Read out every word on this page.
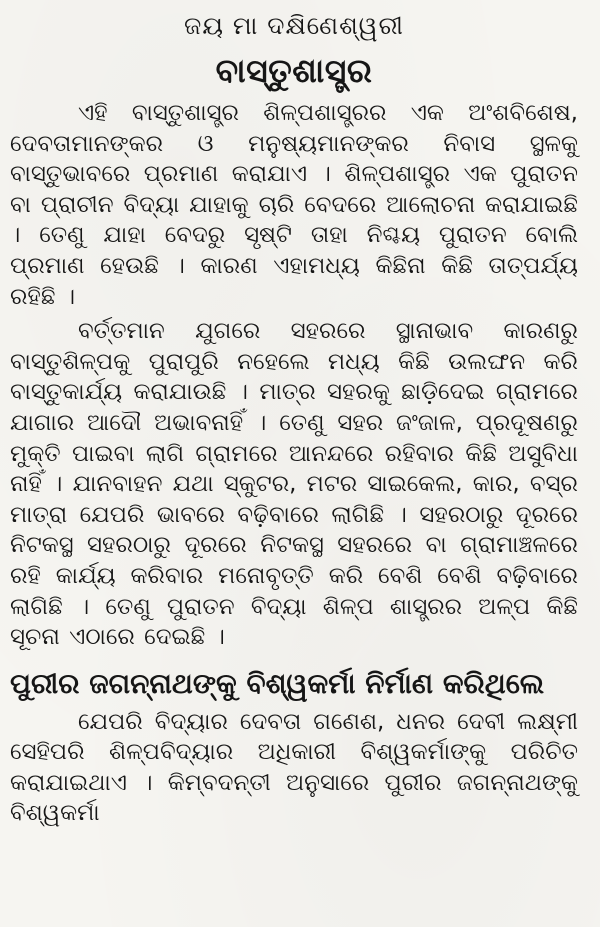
ଜୟ ମା ଦକ୍ଷିଣେଶ୍ୱରୀ
ବାସ୍ତୁଶାସ୍ତ୍ର

ଏହି ବାସ୍ତୁଶାସ୍ତ୍ର ଶିଳ୍ପଶାସ୍ତ୍ରର ଏକ ଅଂଶବିଶେଷ, ଦେବତାମାନଙ୍କର ଓ ମନୁଷ୍ୟମାନଙ୍କର ନିବାସ ସ୍ଥଳକୁ ବାସ୍ତୁଭାବରେ ପ୍ରମାଣ କରାଯାଏ । ଶିଳ୍ପଶାସ୍ତ୍ର ଏକ ପୁରାତନ ବା ପ୍ରାଚୀନ ବିଦ୍ୟା ଯାହାକୁ ଚାରି ବେଦରେ ଆଲୋଚନା କରାଯାଇଛି । ତେଣୁ ଯାହା ବେଦରୁ ସୃଷ୍ଟି ତାହା ନିଶ୍ଚୟ ପୁରାତନ ବୋଲି ପ୍ରମାଣ ହେଉଛି । କାରଣ ଏହାମଧ୍ୟ କିଛିନା କିଛି ତାତ୍ପର୍ଯ୍ୟ ରହିଛି ।

ବର୍ତ୍ତମାନ ଯୁଗରେ ସହରରେ ସ୍ଥାନାଭାବ କାରଣରୁ ବାସ୍ତୁଶିଳ୍ପକୁ ପୁରାପୁରି ନହେଲେ ମଧ୍ୟ କିଛି ଉଲଙ୍ଘନ କରି ବାସ୍ତୁକାର୍ଯ୍ୟ କରାଯାଉଛି । ମାତ୍ର ସହରକୁ ଛାଡ଼ିଦେଇ ଗ୍ରାମରେ ଯାଗାର ଆଦୌ ଅଭାବନାହିଁ । ତେଣୁ ସହର ଜଂଜାଳ, ପ୍ରଦୂଷଣରୁ ମୁକ୍ତି ପାଇବା ଲାଗି ଗ୍ରାମରେ ଆନନ୍ଦରେ ରହିବାର କିଛି ଅସୁବିଧା ନାହିଁ । ଯାନବାହନ ଯଥା ସ୍କୁଟର, ମଟର ସାଇକେଲ, କାର, ବସ୍‌ର ମାତ୍ରା ଯେପରି ଭାବରେ ବଢ଼ିବାରେ ଲାଗିଛି । ସହରଠାରୁ ଦୂରରେ ନିଟକସ୍ଥ ସହରଠାରୁ ଦୂରରେ ନିଟକସ୍ଥ ସହରରେ ବା ଗ୍ରାମାଞ୍ଚଳରେ ରହି କାର୍ଯ୍ୟ କରିବାର ମନୋବୃତ୍ତି କରି ବେଶି ବେଶି ବଢ଼ିବାରେ ଲାଗିଛି । ତେଣୁ ପୁରାତନ ବିଦ୍ୟା ଶିଳ୍ପ ଶାସ୍ତ୍ରର ଅଳ୍ପ କିଛି ସୂଚନା ଏଠାରେ ଦେଇଛି ।

ପୁରୀର ଜଗନ୍ନାଥଙ୍କୁ ବିଶ୍ୱକର୍ମା ନିର୍ମାଣ କରିଥିଲେ

ଯେପରି ବିଦ୍ୟାର ଦେବତା ଗଣେଶ, ଧନର ଦେବୀ ଲକ୍ଷ୍ମୀ ସେହିପରି ଶିଳ୍ପବିଦ୍ୟାର ଅଧିକାରୀ ବିଶ୍ୱକର୍ମାଙ୍କୁ ପରିଚିତ କରାଯାଇଥାଏ । କିମ୍ବଦନ୍ତୀ ଅନୁସାରେ ପୁରୀର ଜଗନ୍ନାଥଙ୍କୁ ବିଶ୍ୱକର୍ମା
